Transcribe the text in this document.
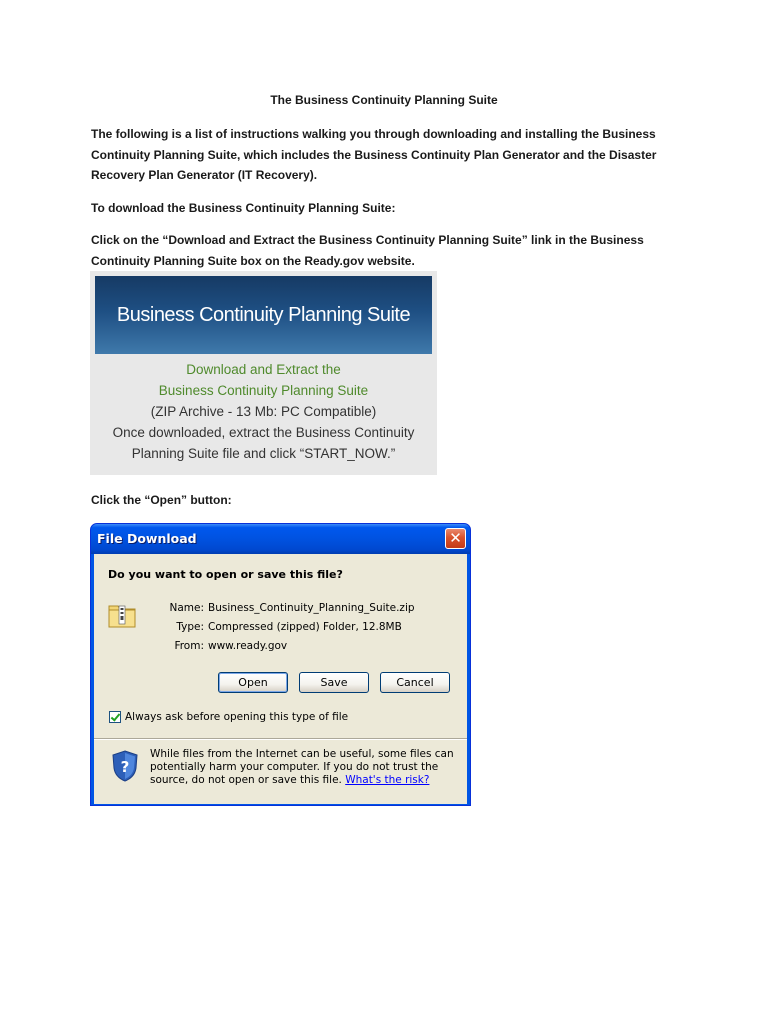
The Business Continuity Planning Suite
The following is a list of instructions walking you through downloading and installing the Business Continuity Planning Suite, which includes the Business Continuity Plan Generator and the Disaster Recovery Plan Generator (IT Recovery).
To download the Business Continuity Planning Suite:
Click on the “Download and Extract the Business Continuity Planning Suite” link in the Business Continuity Planning Suite box on the Ready.gov website.
Business Continuity Planning Suite
Download and Extract the
Business Continuity Planning Suite
(ZIP Archive - 13 Mb: PC Compatible)
Once downloaded, extract the Business Continuity
Planning Suite file and click “START_NOW.”
Click the “Open” button:
File Download	✕
Do you want to open or save this file?
Name: Business_Continuity_Planning_Suite.zip
Type: Compressed (zipped) Folder, 12.8MB
From: www.ready.gov
Open	Save	Cancel
Always ask before opening this type of file
?
While files from the Internet can be useful, some files can potentially harm your computer. If you do not trust the source, do not open or save this file. What's the risk?
